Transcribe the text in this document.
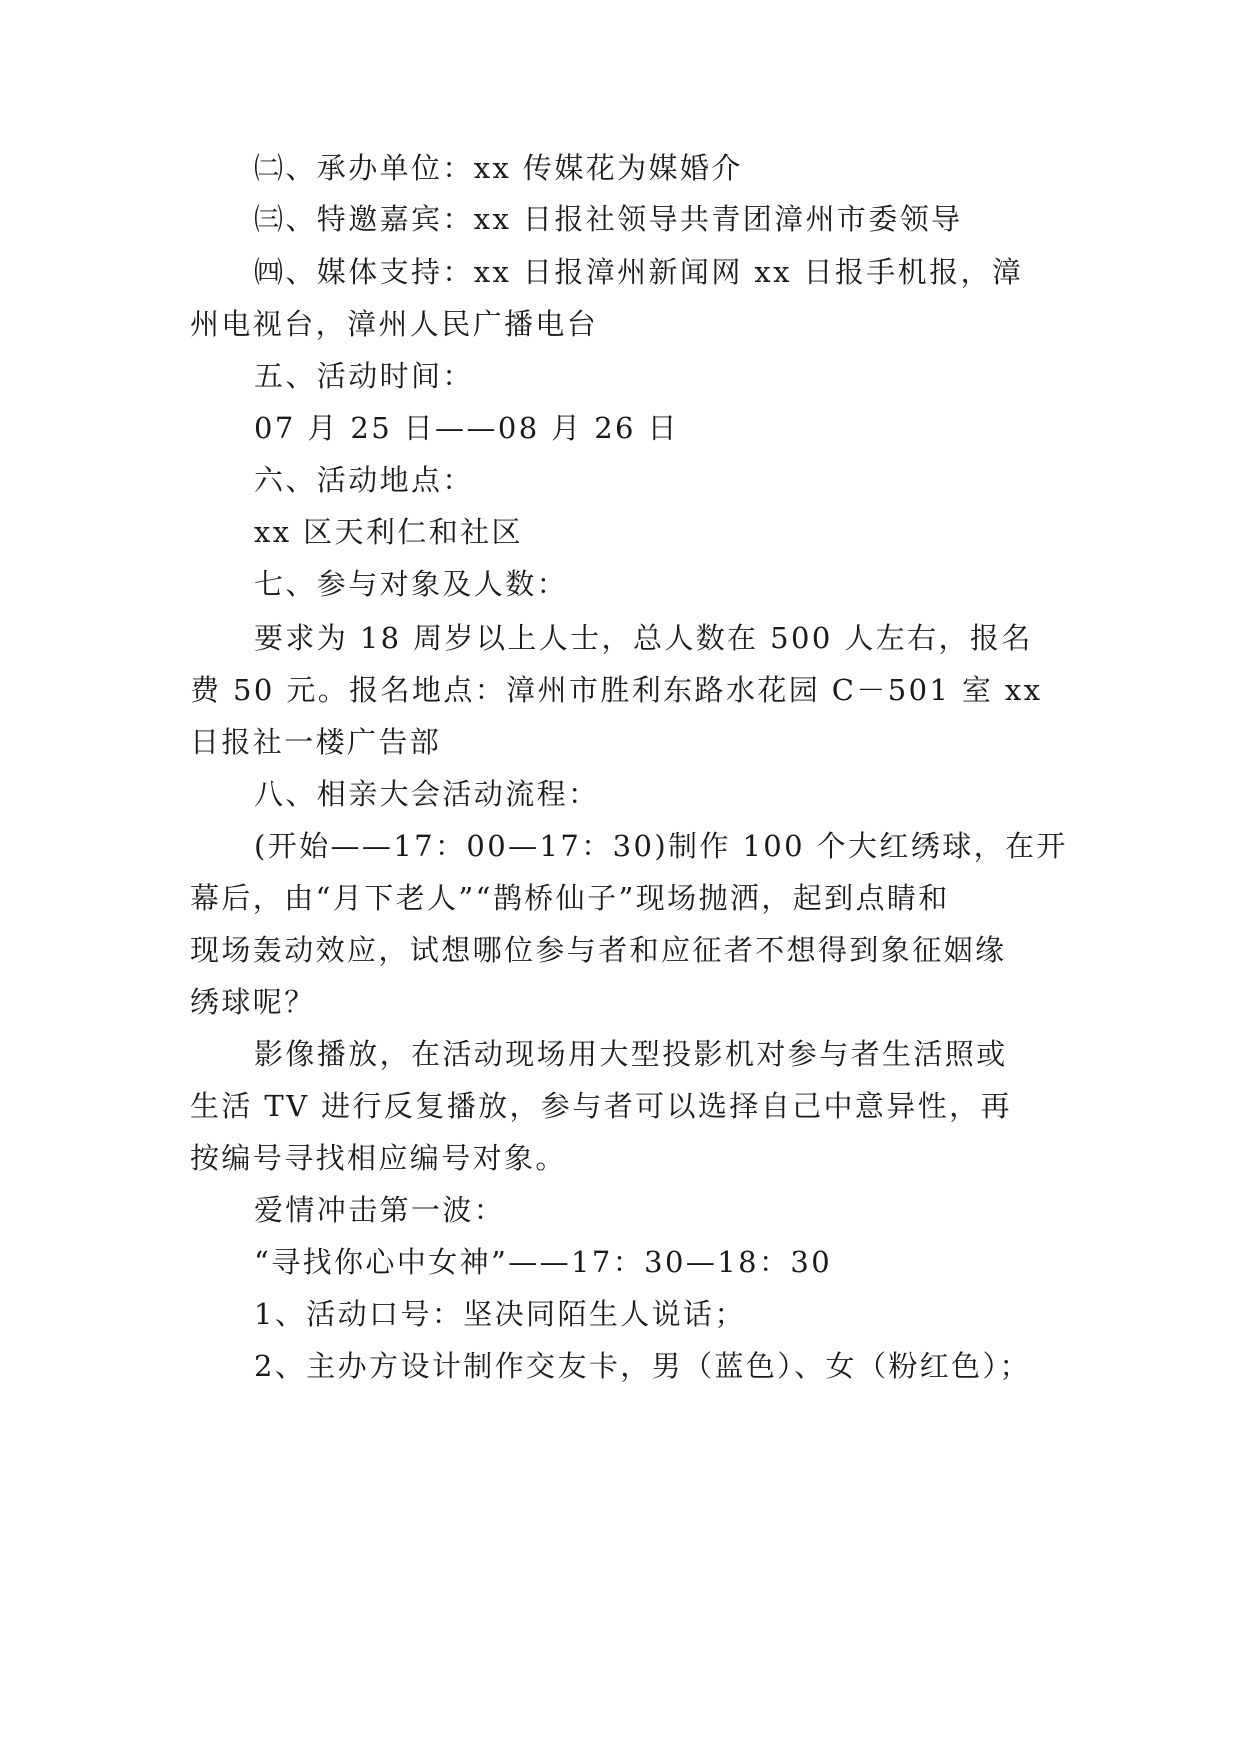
㈡、承办单位：xx 传媒花为媒婚介
㈢、特邀嘉宾：xx 日报社领导共青团漳州市委领导
㈣、媒体支持：xx 日报漳州新闻网 xx 日报手机报，漳
州电视台，漳州人民广播电台
五、活动时间：
07 月 25 日——08 月 26 日
六、活动地点：
xx 区天利仁和社区
七、参与对象及人数：
要求为 18 周岁以上人士，总人数在 500 人左右，报名
费 50 元。报名地点：漳州市胜利东路水花园 C－501 室 xx
日报社一楼广告部
八、相亲大会活动流程：
(开始——17：00—17：30)制作 100 个大红绣球，在开
幕后，由“月下老人”“鹊桥仙子”现场抛洒，起到点睛和
现场轰动效应，试想哪位参与者和应征者不想得到象征姻缘
绣球呢？
影像播放，在活动现场用大型投影机对参与者生活照或
生活 TV 进行反复播放，参与者可以选择自己中意异性，再
按编号寻找相应编号对象。
爱情冲击第一波：
“寻找你心中女神”——17：30—18：30
1、活动口号：坚决同陌生人说话；
2、主办方设计制作交友卡，男（蓝色）、女（粉红色）；
